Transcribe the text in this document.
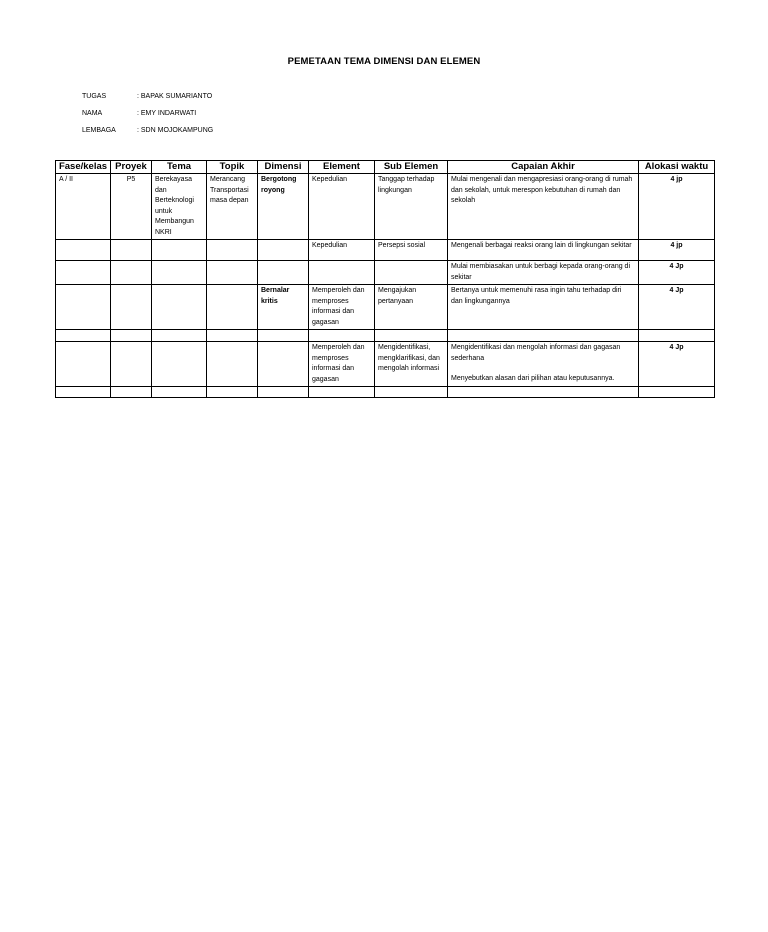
PEMETAAN TEMA DIMENSI DAN ELEMEN
TUGAS	: BAPAK SUMARIANTO
NAMA	: EMY INDARWATI
LEMBAGA	: SDN MOJOKAMPUNG
Fase/kelas	Proyek	Tema	Topik	Dimensi	Element	Sub Elemen	Capaian Akhir	Alokasi waktu
A / II	P5	Berekayasa dan Berteknologi untuk Membangun NKRI	Merancang Transportasi masa depan	Bergotong royong	Kepedulian	Tanggap terhadap lingkungan	Mulai mengenali dan mengapresiasi orang-orang di rumah dan sekolah, untuk merespon kebutuhan di rumah dan sekolah	4 jp
					Kepedulian	Persepsi sosial	Mengenali berbagai reaksi orang lain di lingkungan sekitar	4 jp
							Mulai membiasakan untuk berbagi kepada orang-orang di sekitar	4 Jp
				Bernalar kritis	Memperoleh dan memproses informasi dan gagasan	Mengajukan pertanyaan	Bertanya untuk memenuhi rasa ingin tahu terhadap diri dan lingkungannya	4 Jp

					Memperoleh dan memproses informasi dan gagasan	Mengidentifikasi, mengklarifikasi, dan mengolah informasi	Mengidentifikasi dan mengolah informasi dan gagasan sederhana
Menyebutkan alasan dari pilihan atau keputusannya.	4 Jp
